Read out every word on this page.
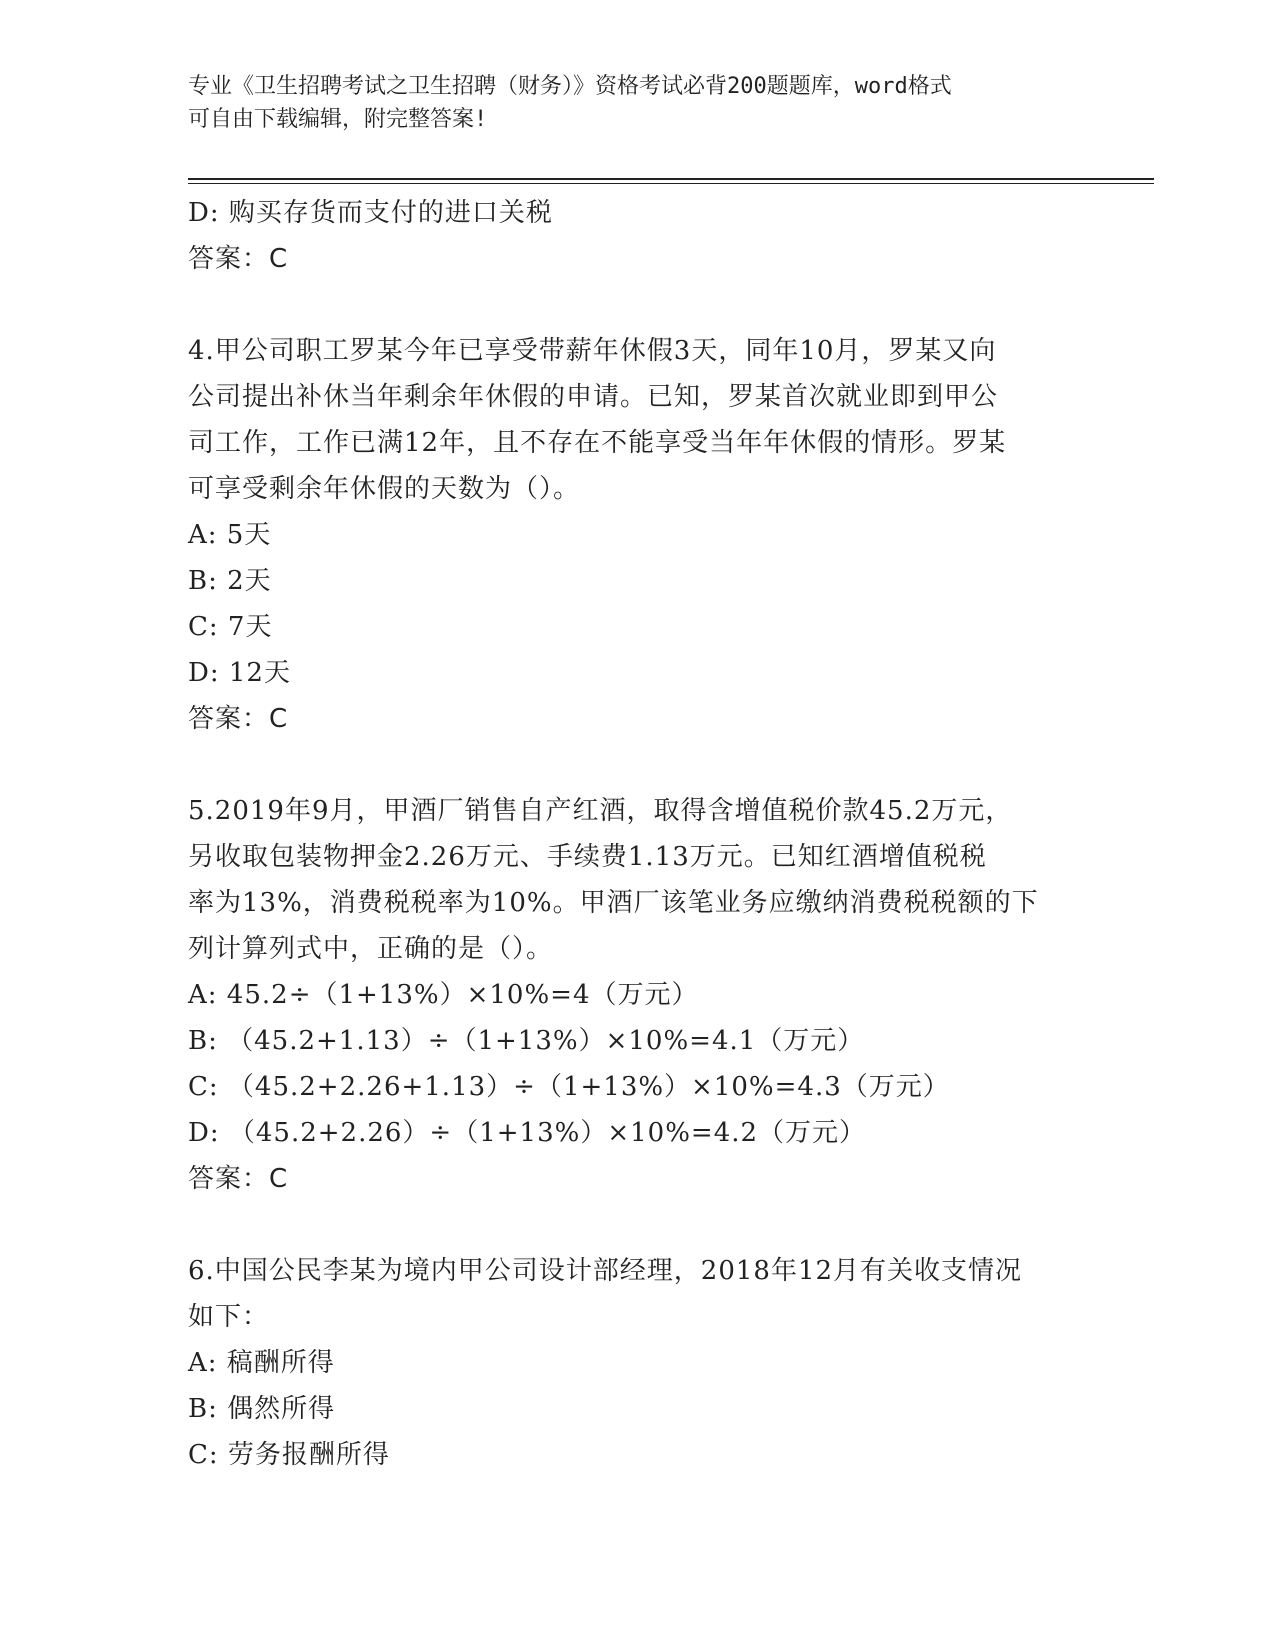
专业《卫生招聘考试之卫生招聘（财务）》资格考试必背200题题库，word格式
可自由下载编辑，附完整答案!
D: 购买存货而支付的进口关税
答案：C
4.甲公司职工罗某今年已享受带薪年休假3天，同年10月，罗某又向
公司提出补休当年剩余年休假的申请。已知，罗某首次就业即到甲公
司工作，工作已满12年，且不存在不能享受当年年休假的情形。罗某
可享受剩余年休假的天数为（）。
A: 5天
B: 2天
C: 7天
D: 12天
答案：C
5.2019年9月，甲酒厂销售自产红酒，取得含增值税价款45.2万元，
另收取包装物押金2.26万元、手续费1.13万元。已知红酒增值税税
率为13%，消费税税率为10%。甲酒厂该笔业务应缴纳消费税税额的下
列计算列式中，正确的是（）。
A: 45.2÷（1+13%）×10%=4（万元）
B: （45.2+1.13）÷（1+13%）×10%=4.1（万元）
C: （45.2+2.26+1.13）÷（1+13%）×10%=4.3（万元）
D: （45.2+2.26）÷（1+13%）×10%=4.2（万元）
答案：C
6.中国公民李某为境内甲公司设计部经理，2018年12月有关收支情况
如下：
A: 稿酬所得
B: 偶然所得
C: 劳务报酬所得
